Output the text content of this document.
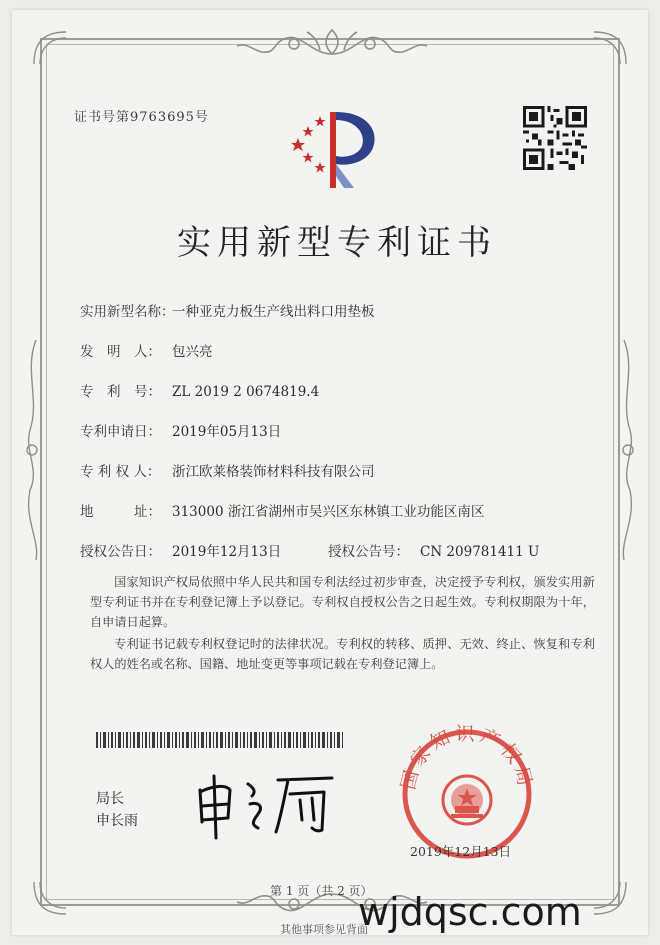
证书号第9763695号
实用新型专利证书
实用新型名称：
一种亚克力板生产线出料口用垫板
发　明　人： 包兴亮
专　利　号： ZL 2019 2 0674819.4
专利申请日： 2019年05月13日
专 利 权 人： 浙江欧莱格装饰材料科技有限公司
地　　　址： 313000 浙江省湖州市吴兴区东林镇工业功能区南区
授权公告日： 2019年12月13日	授权公告号： CN 209781411 U
国家知识产权局依照中华人民共和国专利法经过初步审查，决定授予专利权，颁发实用新型专利证书并在专利登记簿上予以登记。专利权自授权公告之日起生效。专利权期限为十年，自申请日起算。
专利证书记载专利权登记时的法律状况。专利权的转移、质押、无效、终止、恢复和专利权人的姓名或名称、国籍、地址变更等事项记载在专利登记簿上。
局长
申长雨
国家知识产权局
2019年12月13日
第 1 页（共 2 页）
其他事项参见背面
wjdqsc.com
